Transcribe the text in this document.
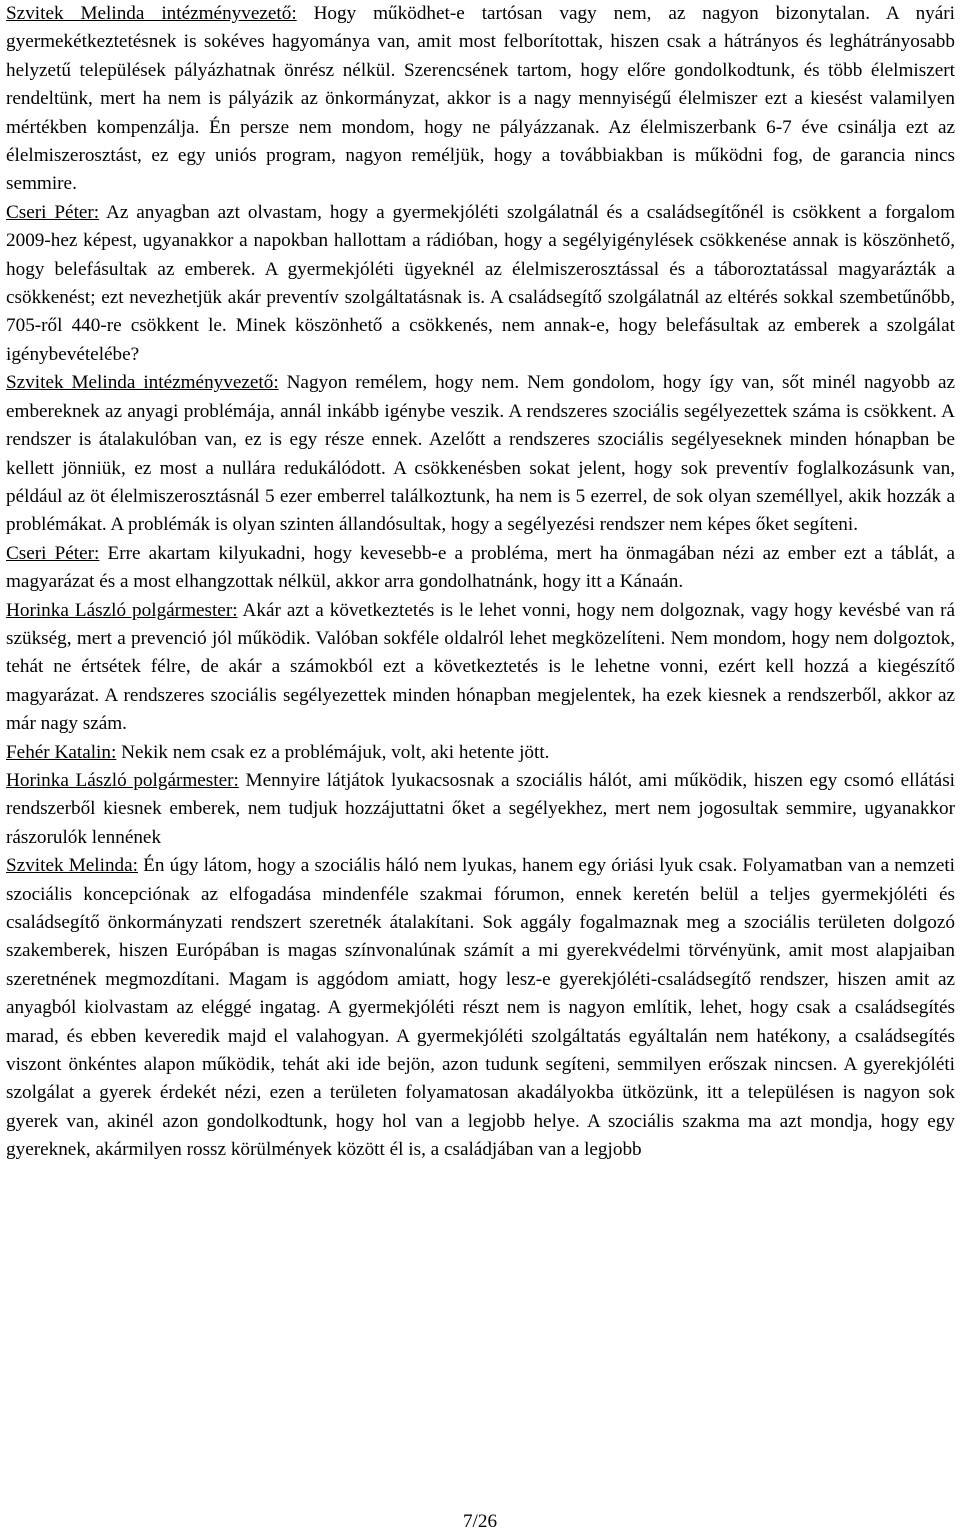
Szvitek Melinda intézményvezető: Hogy működhet-e tartósan vagy nem, az nagyon bizonytalan. A nyári gyermekétkeztetésnek is sokéves hagyománya van, amit most felborítottak, hiszen csak a hátrányos és leghátrányosabb helyzetű települések pályázhatnak önrész nélkül. Szerencsének tartom, hogy előre gondolkodtunk, és több élelmiszert rendeltünk, mert ha nem is pályázik az önkormányzat, akkor is a nagy mennyiségű élelmiszer ezt a kiesést valamilyen mértékben kompenzálja. Én persze nem mondom, hogy ne pályázzanak. Az élelmiszerbank 6-7 éve csinálja ezt az élelmiszerosztást, ez egy uniós program, nagyon reméljük, hogy a továbbiakban is működni fog, de garancia nincs semmire.

Cseri Péter: Az anyagban azt olvastam, hogy a gyermekjóléti szolgálatnál és a családsegítőnél is csökkent a forgalom 2009-hez képest, ugyanakkor a napokban hallottam a rádióban, hogy a segélyigénylések csökkenése annak is köszönhető, hogy belefásultak az emberek. A gyermekjóléti ügyeknél az élelmiszerosztással és a táboroztatással magyarázták a csökkenést; ezt nevezhetjük akár preventív szolgáltatásnak is. A családsegítő szolgálatnál az eltérés sokkal szembetűnőbb, 705-ről 440-re csökkent le. Minek köszönhető a csökkenés, nem annak-e, hogy belefásultak az emberek a szolgálat igénybevételébe?

Szvitek Melinda intézményvezető: Nagyon remélem, hogy nem. Nem gondolom, hogy így van, sőt minél nagyobb az embereknek az anyagi problémája, annál inkább igénybe veszik. A rendszeres szociális segélyezettek száma is csökkent. A rendszer is átalakulóban van, ez is egy része ennek. Azelőtt a rendszeres szociális segélyeseknek minden hónapban be kellett jönniük, ez most a nullára redukálódott. A csökkenésben sokat jelent, hogy sok preventív foglalkozásunk van, például az öt élelmiszerosztásnál 5 ezer emberrel találkoztunk, ha nem is 5 ezerrel, de sok olyan személlyel, akik hozzák a problémákat. A problémák is olyan szinten állandósultak, hogy a segélyezési rendszer nem képes őket segíteni.

Cseri Péter: Erre akartam kilyukadni, hogy kevesebb-e a probléma, mert ha önmagában nézi az ember ezt a táblát, a magyarázat és a most elhangzottak nélkül, akkor arra gondolhatnánk, hogy itt a Kánaán.

Horinka László polgármester: Akár azt a következtetés is le lehet vonni, hogy nem dolgoznak, vagy hogy kevésbé van rá szükség, mert a prevenció jól működik. Valóban sokféle oldalról lehet megközelíteni. Nem mondom, hogy nem dolgoztok, tehát ne értsétek félre, de akár a számokból ezt a következtetés is le lehetne vonni, ezért kell hozzá a kiegészítő magyarázat. A rendszeres szociális segélyezettek minden hónapban megjelentek, ha ezek kiesnek a rendszerből, akkor az már nagy szám.

Fehér Katalin: Nekik nem csak ez a problémájuk, volt, aki hetente jött.

Horinka László polgármester: Mennyire látjátok lyukacsosnak a szociális hálót, ami működik, hiszen egy csomó ellátási rendszerből kiesnek emberek, nem tudjuk hozzájuttatni őket a segélyekhez, mert nem jogosultak semmire, ugyanakkor rászorulók lennének

Szvitek Melinda: Én úgy látom, hogy a szociális háló nem lyukas, hanem egy óriási lyuk csak. Folyamatban van a nemzeti szociális koncepciónak az elfogadása mindenféle szakmai fórumon, ennek keretén belül a teljes gyermekjóléti és családsegítő önkormányzati rendszert szeretnék átalakítani. Sok aggály fogalmaznak meg a szociális területen dolgozó szakemberek, hiszen Európában is magas színvonalúnak számít a mi gyerekvédelmi törvényünk, amit most alapjaiban szeretnének megmozdítani. Magam is aggódom amiatt, hogy lesz-e gyerekjóléti-családsegítő rendszer, hiszen amit az anyagból kiolvastam az eléggé ingatag. A gyermekjóléti részt nem is nagyon említik, lehet, hogy csak a családsegítés marad, és ebben keveredik majd el valahogyan. A gyermekjóléti szolgáltatás egyáltalán nem hatékony, a családsegítés viszont önkéntes alapon működik, tehát aki ide bejön, azon tudunk segíteni, semmilyen erőszak nincsen. A gyerekjóléti szolgálat a gyerek érdekét nézi, ezen a területen folyamatosan akadályokba ütközünk, itt a településen is nagyon sok gyerek van, akinél azon gondolkodtunk, hogy hol van a legjobb helye. A szociális szakma ma azt mondja, hogy egy gyereknek, akármilyen rossz körülmények között él is, a családjában van a legjobb

7/26
